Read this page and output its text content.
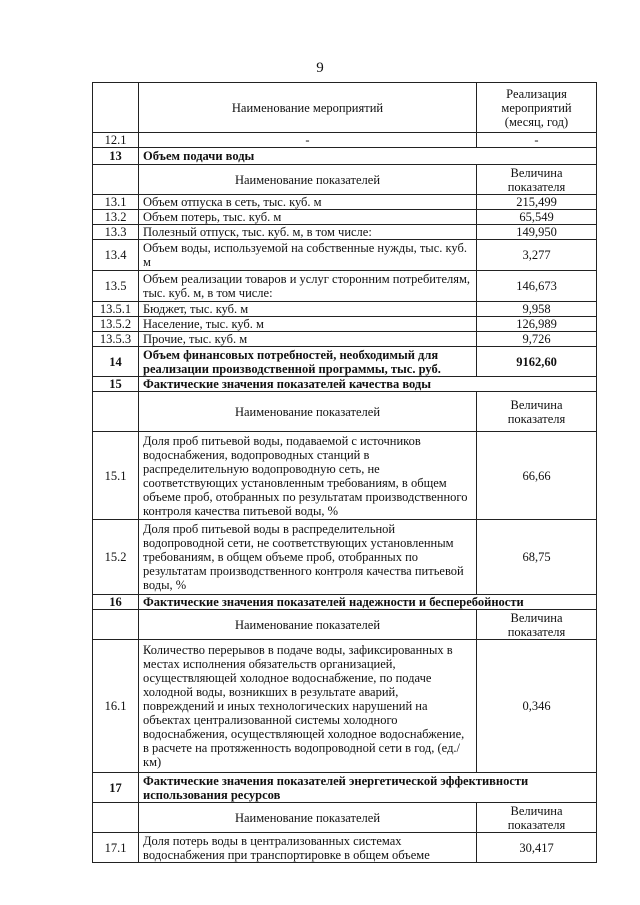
9
	Наименование мероприятий	Реализация мероприятий (месяц, год)
12.1	-	-
13	Объем подачи воды	
	Наименование показателей	Величина показателя
13.1	Объем отпуска в сеть, тыс. куб. м	215,499
13.2	Объем потерь, тыс. куб. м	65,549
13.3	Полезный отпуск, тыс. куб. м, в том числе:	149,950
13.4	Объем воды, используемой на собственные нужды, тыс. куб. м	3,277
13.5	Объем реализации товаров и услуг сторонним потребителям, тыс. куб. м, в том числе:	146,673
13.5.1	Бюджет, тыс. куб. м	9,958
13.5.2	Население, тыс. куб. м	126,989
13.5.3	Прочие, тыс. куб. м	9,726
14	Объем финансовых потребностей, необходимый для реализации производственной программы, тыс. руб.	9162,60
15	Фактические значения показателей качества воды	
	Наименование показателей	Величина показателя
15.1	Доля проб питьевой воды, подаваемой с источников водоснабжения, водопроводных станций в распределительную водопроводную сеть, не соответствующих установленным требованиям, в общем объеме проб, отобранных по результатам производственного контроля качества питьевой воды, %	66,66
15.2	Доля проб питьевой воды в распределительной водопроводной сети, не соответствующих установленным требованиям, в общем объеме проб, отобранных по результатам производственного контроля качества питьевой воды, %	68,75
16	Фактические значения показателей надежности и бесперебойности	
	Наименование показателей	Величина показателя
16.1	Количество перерывов в подаче воды, зафиксированных в местах исполнения обязательств организацией, осуществляющей холодное водоснабжение, по подаче холодной воды, возникших в результате аварий, повреждений и иных технологических нарушений на объектах централизованной системы холодного водоснабжения, осуществляющей холодное водоснабжение, в расчете на протяженность водопроводной сети в год, (ед./км)	0,346
17	Фактические значения показателей энергетической эффективности использования ресурсов	
	Наименование показателей	Величина показателя
17.1	Доля потерь воды в централизованных системах водоснабжения при транспортировке в общем объеме	30,417
